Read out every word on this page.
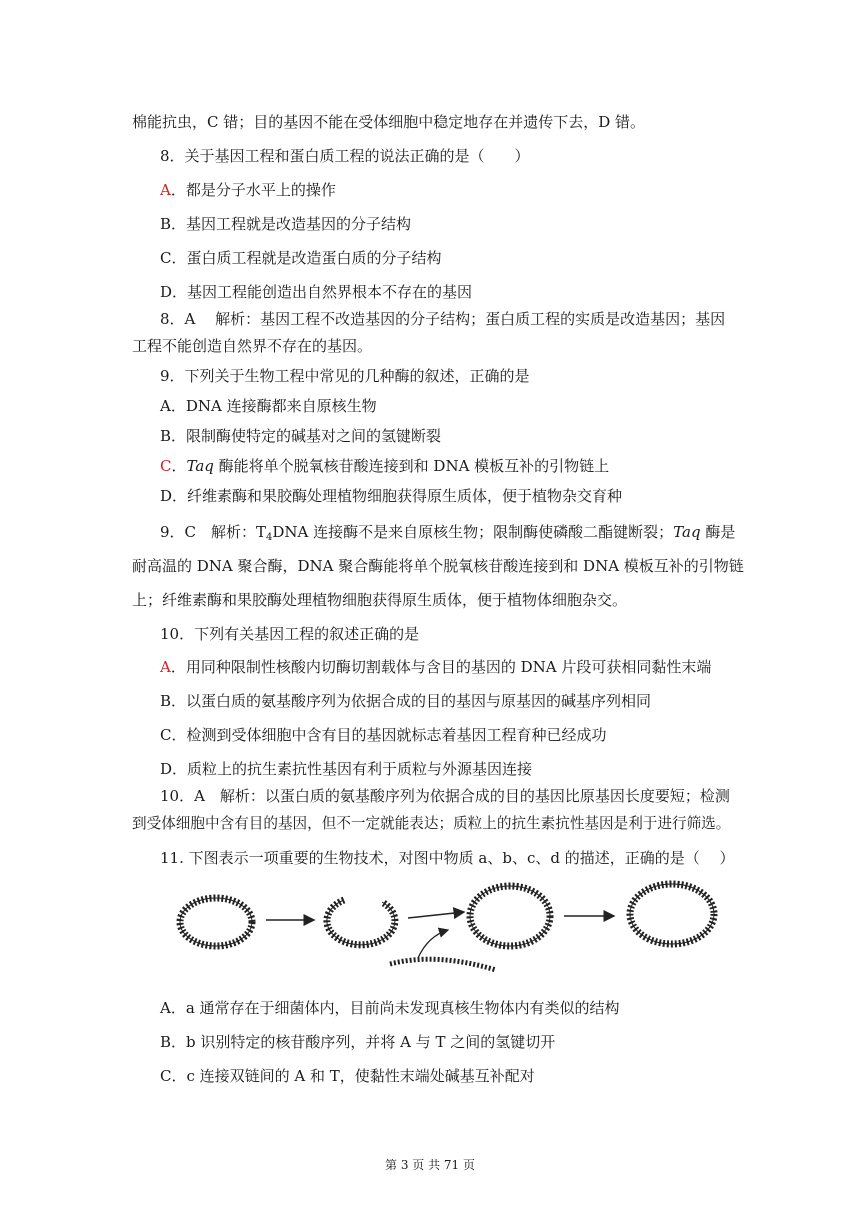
棉能抗虫，C 错；目的基因不能在受体细胞中稳定地存在并遗传下去，D 错。
8．关于基因工程和蛋白质工程的说法正确的是（　　）
A．都是分子水平上的操作
B．基因工程就是改造基因的分子结构
C．蛋白质工程就是改造蛋白质的分子结构
D．基因工程能创造出自然界根本不存在的基因
8．A　 解析：基因工程不改造基因的分子结构；蛋白质工程的实质是改造基因；基因
工程不能创造自然界不存在的基因。
9．下列关于生物工程中常见的几种酶的叙述，正确的是
A．DNA 连接酶都来自原核生物
B．限制酶使特定的碱基对之间的氢键断裂
C．Taq 酶能将单个脱氧核苷酸连接到和 DNA 模板互补的引物链上
D．纤维素酶和果胶酶处理植物细胞获得原生质体，便于植物杂交育种
9．C　解析：$T_4DNA$ 连接酶不是来自原核生物；限制酶使磷酸二酯键断裂；Taq 酶是
耐高温的 DNA 聚合酶，DNA 聚合酶能将单个脱氧核苷酸连接到和 DNA 模板互补的引物链
上；纤维素酶和果胶酶处理植物细胞获得原生质体，便于植物体细胞杂交。
10．下列有关基因工程的叙述正确的是
A．用同种限制性核酸内切酶切割载体与含目的基因的 DNA 片段可获相同黏性末端
B．以蛋白质的氨基酸序列为依据合成的目的基因与原基因的碱基序列相同
C．检测到受体细胞中含有目的基因就标志着基因工程育种已经成功
D．质粒上的抗生素抗性基因有利于质粒与外源基因连接
10．A　解析：以蛋白质的氨基酸序列为依据合成的目的基因比原基因长度要短；检测
到受体细胞中含有目的基因，但不一定就能表达；质粒上的抗生素抗性基因是利于进行筛选。
11. 下图表示一项重要的生物技术，对图中物质 a、b、c、d 的描述，正确的是（　 ）
A．a 通常存在于细菌体内，目前尚未发现真核生物体内有类似的结构
B．b 识别特定的核苷酸序列，并将 A 与 T 之间的氢键切开
C．c 连接双链间的 A 和 T，使黏性末端处碱基互补配对
第 3 页 共 71 页
